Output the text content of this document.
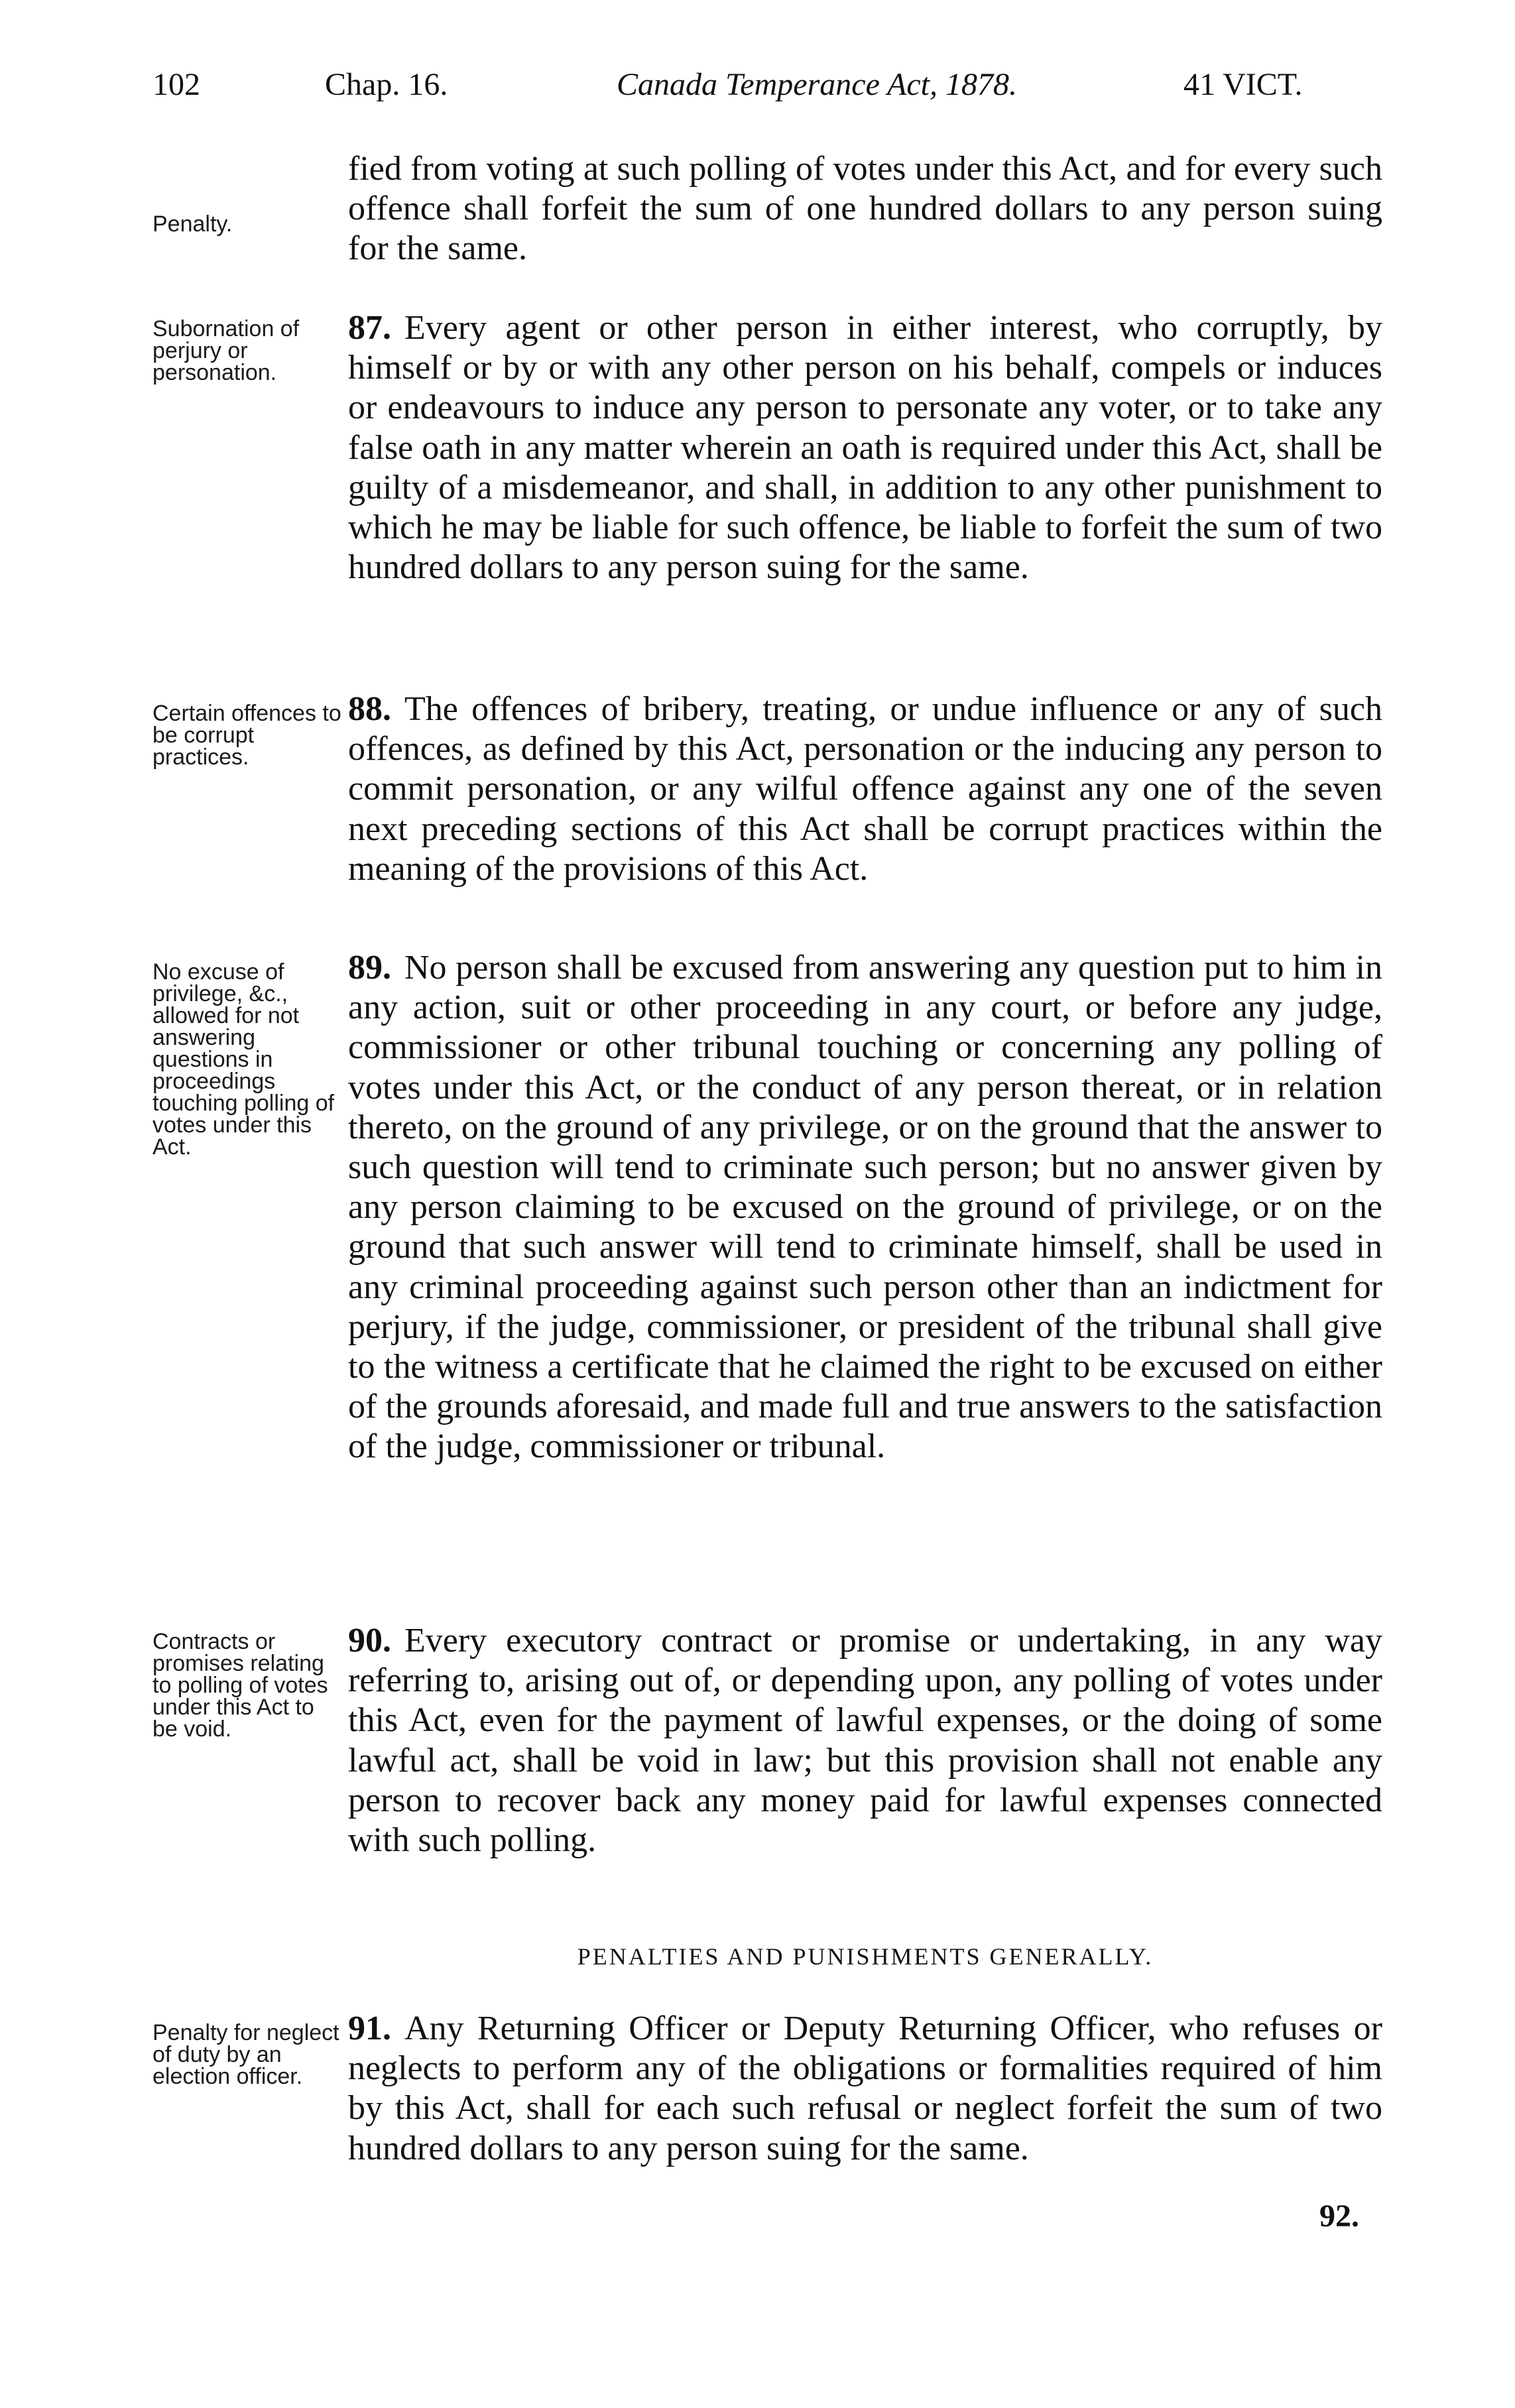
102	Chap. 16.	Canada Temperance Act, 1878.	41 VICT.
Penalty.
fied from voting at such polling of votes under this Act, and for every such offence shall forfeit the sum of one hundred dollars to any person suing for the same.
Subornation of perjury or personation.
87. Every agent or other person in either interest, who corruptly, by himself or by or with any other person on his behalf, compels or induces or endeavours to induce any person to personate any voter, or to take any false oath in any matter wherein an oath is required under this Act, shall be guilty of a misdemeanor, and shall, in addition to any other punishment to which he may be liable for such offence, be liable to forfeit the sum of two hundred dollars to any person suing for the same.
Certain offences to be corrupt practices.
88. The offences of bribery, treating, or undue influence or any of such offences, as defined by this Act, personation or the inducing any person to commit personation, or any wilful offence against any one of the seven next preceding sections of this Act shall be corrupt practices within the meaning of the provisions of this Act.
No excuse of privilege, &c., allowed for not answering questions in proceedings touching polling of votes under this Act.
89. No person shall be excused from answering any question put to him in any action, suit or other proceeding in any court, or before any judge, commissioner or other tribunal touching or concerning any polling of votes under this Act, or the conduct of any person thereat, or in relation thereto, on the ground of any privilege, or on the ground that the answer to such question will tend to criminate such person; but no answer given by any person claiming to be excused on the ground of privilege, or on the ground that such answer will tend to criminate himself, shall be used in any criminal proceeding against such person other than an indictment for perjury, if the judge, commissioner, or president of the tribunal shall give to the witness a certificate that he claimed the right to be excused on either of the grounds aforesaid, and made full and true answers to the satisfaction of the judge, commissioner or tribunal.
Contracts or promises relating to polling of votes under this Act to be void.
90. Every executory contract or promise or undertaking, in any way referring to, arising out of, or depending upon, any polling of votes under this Act, even for the payment of lawful expenses, or the doing of some lawful act, shall be void in law; but this provision shall not enable any person to recover back any money paid for lawful expenses connected with such polling.
PENALTIES AND PUNISHMENTS GENERALLY.
Penalty for neglect of duty by an election officer.
91. Any Returning Officer or Deputy Returning Officer, who refuses or neglects to perform any of the obligations or formalities required of him by this Act, shall for each such refusal or neglect forfeit the sum of two hundred dollars to any person suing for the same.
92.
